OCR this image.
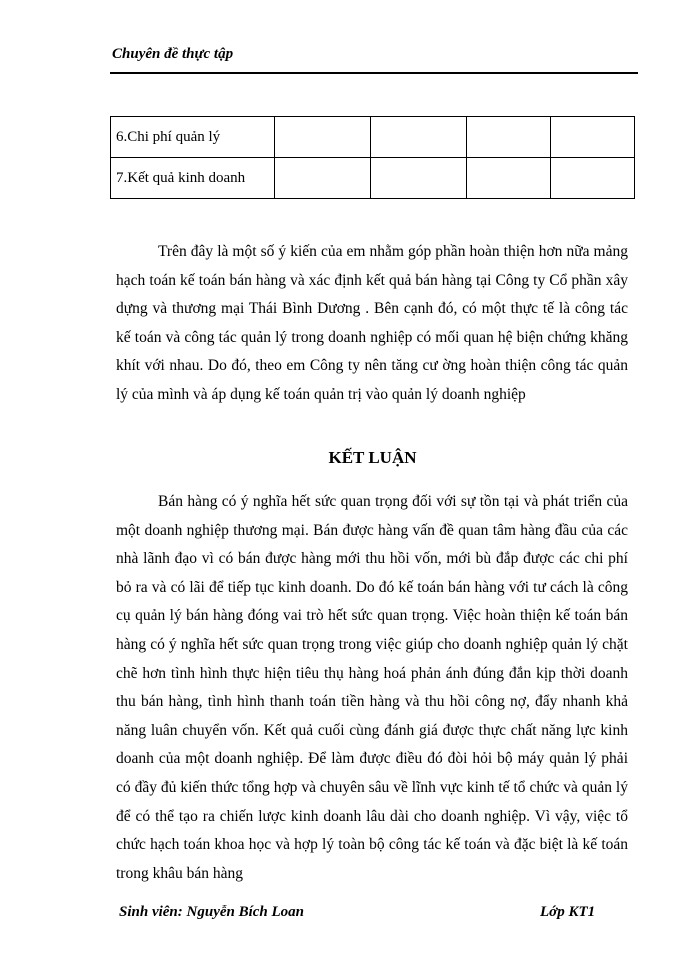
Chuyên đề thực tập
6.Chi phí quản lý				
7.Kết quả kinh doanh				

Trên đây là một số ý kiến của em nhằm góp phần hoàn thiện hơn nữa mảng hạch toán kế toán bán hàng và xác định kết quả bán hàng tại Công ty Cổ phần xây dựng và thương mại Thái Bình Dương . Bên cạnh đó, có một thực tế là công tác kế toán và công tác quản lý trong doanh nghiệp có mối quan hệ biện chứng khăng khít với nhau. Do đó, theo em Công ty nên tăng cư ờng hoàn thiện công tác quản lý của mình và áp dụng kế toán quản trị vào quản lý doanh nghiệp

KẾT LUẬN

Bán hàng có ý nghĩa hết sức quan trọng đối với sự tồn tại và phát triển của một doanh nghiệp thương mại. Bán được hàng vấn đề quan tâm hàng đầu của các nhà lãnh đạo vì có bán được hàng mới thu hồi vốn, mới bù đắp được các chi phí bỏ ra và có lãi để tiếp tục kinh doanh. Do đó kế toán bán hàng với tư cách là công cụ quản lý bán hàng đóng vai trò hết sức quan trọng. Việc hoàn thiện kế toán bán hàng có ý nghĩa hết sức quan trọng trong việc giúp cho doanh nghiệp quản lý chặt chẽ hơn tình hình thực hiện tiêu thụ hàng hoá phản ánh đúng đắn kịp thời doanh thu bán hàng, tình hình thanh toán tiền hàng và thu hồi công nợ, đẩy nhanh khả năng luân chuyển vốn. Kết quả cuối cùng đánh giá được thực chất năng lực kinh doanh của một doanh nghiệp. Để làm được điều đó đòi hỏi bộ máy quản lý phải có đầy đủ kiến thức tổng hợp và chuyên sâu về lĩnh vực kinh tế tổ chức và quản lý để có thể tạo ra chiến lược kinh doanh lâu dài cho doanh nghiệp. Vì vậy, việc tổ chức hạch toán khoa học và hợp lý toàn bộ công tác kế toán và đặc biệt là kế toán trong khâu bán hàng

Sinh viên: Nguyễn Bích Loan	Lớp KT1
